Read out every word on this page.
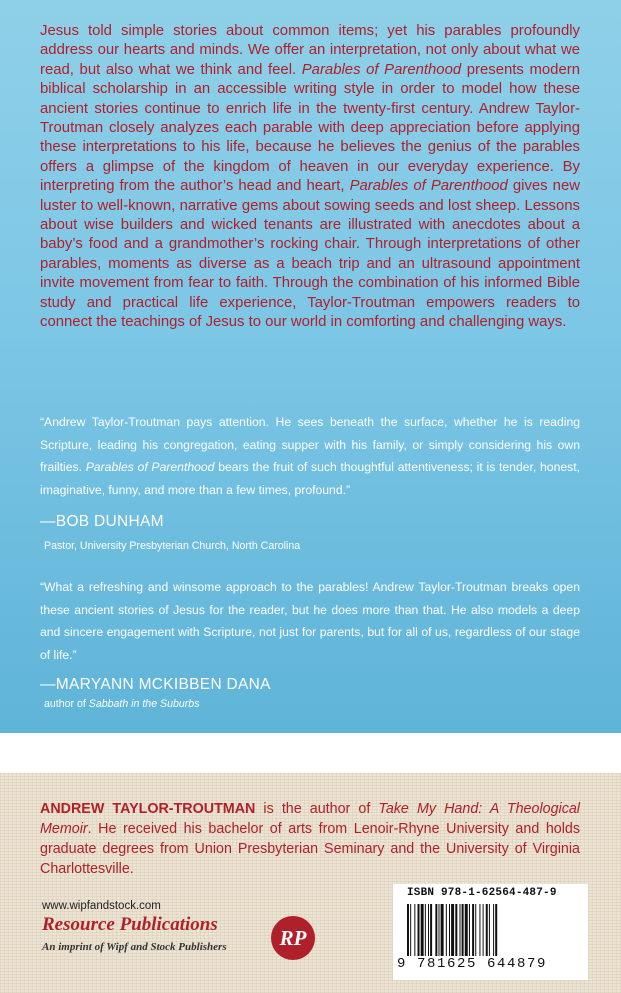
Jesus told simple stories about common items; yet his parables profoundly address our hearts and minds. We offer an interpretation, not only about what we read, but also what we think and feel. Parables of Parenthood presents modern biblical scholarship in an accessible writing style in order to model how these ancient stories continue to enrich life in the twenty-first century. Andrew Taylor-Troutman closely analyzes each parable with deep appreciation before applying these interpretations to his life, because he believes the genius of the parables offers a glimpse of the kingdom of heaven in our everyday experience. By interpreting from the author’s head and heart, Parables of Parenthood gives new luster to well-known, narrative gems about sowing seeds and lost sheep. Lessons about wise builders and wicked tenants are illustrated with anecdotes about a baby’s food and a grandmother’s rocking chair. Through interpretations of other parables, moments as diverse as a beach trip and an ultrasound appointment invite movement from fear to faith. Through the combination of his informed Bible study and practical life experience, Taylor-Troutman empowers readers to connect the teachings of Jesus to our world in comforting and challenging ways.

“Andrew Taylor-Troutman pays attention. He sees beneath the surface, whether he is reading Scripture, leading his congregation, eating supper with his family, or simply considering his own frailties. Parables of Parenthood bears the fruit of such thoughtful attentiveness; it is tender, honest, imaginative, funny, and more than a few times, profound.”

—BOB DUNHAM
Pastor, University Presbyterian Church, North Carolina

“What a refreshing and winsome approach to the parables! Andrew Taylor-Troutman breaks open these ancient stories of Jesus for the reader, but he does more than that. He also models a deep and sincere engagement with Scripture, not just for parents, but for all of us, regardless of our stage of life.”

—MARYANN MCKIBBEN DANA
author of Sabbath in the Suburbs

ANDREW TAYLOR-TROUTMAN is the author of Take My Hand: A Theological Memoir. He received his bachelor of arts from Lenoir-Rhyne University and holds graduate degrees from Union Presbyterian Seminary and the University of Virginia Charlottesville.

www.wipfandstock.com
Resource Publications
An imprint of Wipf and Stock Publishers	RP
ISBN 978-1-62564-487-9
9 781625 644879
